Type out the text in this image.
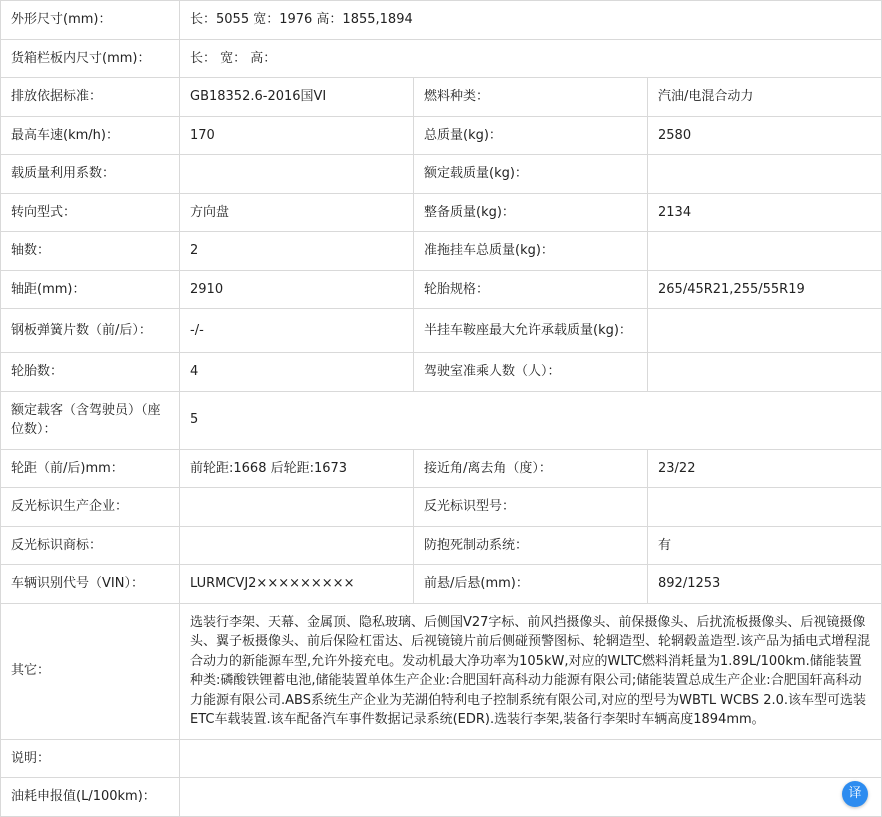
外形尺寸(mm)：	长：5055 宽：1976 高：1855,1894		
货箱栏板内尺寸(mm)：	长： 宽： 高：		
排放依据标准：	GB18352.6-2016国VI	燃料种类：	汽油/电混合动力
最高车速(km/h)：	170	总质量(kg)：	2580
载质量利用系数：		额定载质量(kg)：	
转向型式：	方向盘	整备质量(kg)：	2134
轴数：	2	准拖挂车总质量(kg)：	
轴距(mm)：	2910	轮胎规格：	265/45R21,255/55R19
钢板弹簧片数（前/后）：	-/-	半挂车鞍座最大允许承载质量(kg)：	
轮胎数：	4	驾驶室准乘人数（人）：	
额定载客（含驾驶员）（座位数）：	5		
轮距（前/后)mm：	前轮距:1668 后轮距:1673	接近角/离去角（度）：	23/22
反光标识生产企业：		反光标识型号：	
反光标识商标：		防抱死制动系统：	有
车辆识别代号（VIN）：	LURMCVJ2×××××××××	前悬/后悬(mm)：	892/1253
其它：	选装行李架、天幕、金属顶、隐私玻璃、后侧国V27字标、前风挡摄像头、前保摄像头、后扰流板摄像头、后视镜摄像头、翼子板摄像头、前后保险杠雷达、后视镜镜片前后侧碰预警图标、轮辋造型、轮辋毂盖造型.该产品为插电式增程混合动力的新能源车型,允许外接充电。发动机最大净功率为105kW,对应的WLTC燃料消耗量为1.89L/100km.储能装置种类:磷酸铁锂蓄电池,储能装置单体生产企业:合肥国轩高科动力能源有限公司;储能装置总成生产企业:合肥国轩高科动力能源有限公司.ABS系统生产企业为芜湖伯特利电子控制系统有限公司,对应的型号为WBTL WCBS 2.0.该车型可选装ETC车载装置.该车配备汽车事件数据记录系统(EDR).选装行李架,装备行李架时车辆高度1894mm。		
说明：			
油耗申报值(L/100km)：				译
